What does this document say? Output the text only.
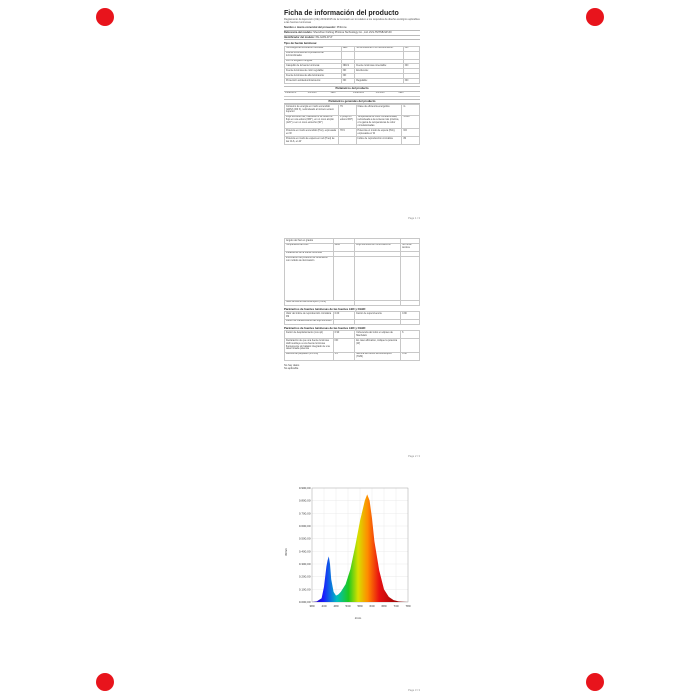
Ficha de información del producto
Reglamento de Ejecución (UE) 2019/2015 de la Comisión en lo relativo a los requisitos de diseño ecológico aplicables a las fuentes luminosas
Nombre o marca comercial del proveedor: Philzone
Referencia del modelo: Shenzhen Fishing Phizone Technology Co., Ltd. ZLS-7MTSB-SP-60
Identificador del modelo: PH-GW3-07-P
Tipo de fuente luminosa:
Tecnología de iluminación utilizada:	LED	Sin envolvente o sin recubrimiento:	NO
Fuente luminosa de la portadora de luz/combinada:			
Luz no dirigida o dirigida:			
Casquillo de la fuente luminosa:	NDLS	Fuente luminosa conectable:	NO
Fuente luminosa de color regulable:	NO	Envolvente:	
Fuente luminosa de alta luminancia:	NO		
Protección antideslumbramiento:	NO	Regulable:	NO
Parámetros del producto
Parámetro	Símbolo	Valor	Parámetro	Símbolo	Valor
Parámetros generales del producto
Consumo de energía en modo encendido (kWh/1 000 h), redondeado al número entero superior	79	Clase de eficiencia energética	G
Flujo luminoso útil, indicando si se refiere al flujo en una esfera (360°), en un cono amplio (120°) o en un cono estrecho (90°)	0 (Flujo en esfera 360°)	Temperatura de color correlacionada, redondeada a la centena más próxima, o la gama de temperaturas de color correlacionadas	4.000
Potencia en modo encendido (Pon), expresada en W	78.9	Potencia en modo de espera (Psb), expresada en W	NO
Potencia en modo de espera en red (Pnet) de las CLS, en W		Índice de reproducción cromática	80
Page 1 / 3
Ángulo del haz en grados			
Temperatura de color	4000	Flujo luminoso en cono estrecho	Ver ficha técnica
Parámetros de la fuente luminosa			
Información de producto de iluminación con módulo de iluminación			
Nivel de efecto estroboscópico (SVM)			
Parámetros de fuentes luminosas de las fuentes LED y OLED
Valor del índice de reproducción cromática R9	0.00	Factor de supervivencia	0.90
Factor de mantenimiento del flujo luminoso			
Parámetros de fuentes luminosas de las fuentes LED y OLED
Factor de desplazamiento (cos φ1)	0.90	Coherencia del color en elipses de MacAdam	6
Declaración de que una fuente luminosa LED sustituye a una fuente luminosa fluorescente sin balasto integrado de una determinada potencia	NO	En caso afirmativo, indique la potencia (W)	
Métrica del parpadeo (Pst LM)	1.0	Métrica del efecto estroboscópico (SVM)	0.40
No hay datos
No aplicable
Page 2 / 3
Page 3 / 3
0.000,00
0.100,00
0.200,00
0.300,00
0.400,00
0.500,00
0.600,00
0.700,00
0.800,00
0.900,00
380 430 480 530 580 630 680 730 780
W/nm
λ/nm
